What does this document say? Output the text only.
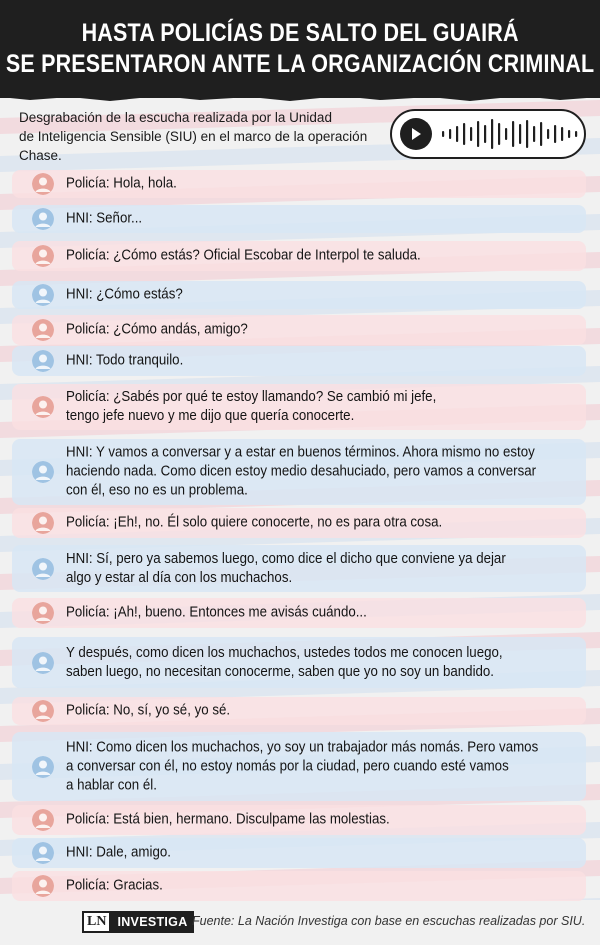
HASTA POLICÍAS DE SALTO DEL GUAIRÁ
SE PRESENTARON ANTE LA ORGANIZACIÓN CRIMINAL
Desgrabación de la escucha realizada por la Unidad
de Inteligencia Sensible (SIU) en el marco de la operación Chase.
Policía: Hola, hola.
HNI: Señor...
Policía: ¿Cómo estás? Oficial Escobar de Interpol te saluda.
HNI: ¿Cómo estás?
Policía: ¿Cómo andás, amigo?
HNI: Todo tranquilo.
Policía: ¿Sabés por qué te estoy llamando? Se cambió mi jefe,
tengo jefe nuevo y me dijo que quería conocerte.
HNI: Y vamos a conversar y a estar en buenos términos. Ahora mismo no estoy
haciendo nada. Como dicen estoy medio desahuciado, pero vamos a conversar
con él, eso no es un problema.
Policía: ¡Eh!, no. Él solo quiere conocerte, no es para otra cosa.
HNI: Sí, pero ya sabemos luego, como dice el dicho que conviene ya dejar
algo y estar al día con los muchachos.
Policía: ¡Ah!, bueno. Entonces me avisás cuándo...
Y después, como dicen los muchachos, ustedes todos me conocen luego,
saben luego, no necesitan conocerme, saben que yo no soy un bandido.
Policía: No, sí, yo sé, yo sé.
HNI: Como dicen los muchachos, yo soy un trabajador más nomás. Pero vamos
a conversar con él, no estoy nomás por la ciudad, pero cuando esté vamos
a hablar con él.
Policía: Está bien, hermano. Disculpame las molestias.
HNI: Dale, amigo.
Policía: Gracias.
LN INVESTIGA Fuente: La Nación Investiga con base en escuchas realizadas por SIU.
